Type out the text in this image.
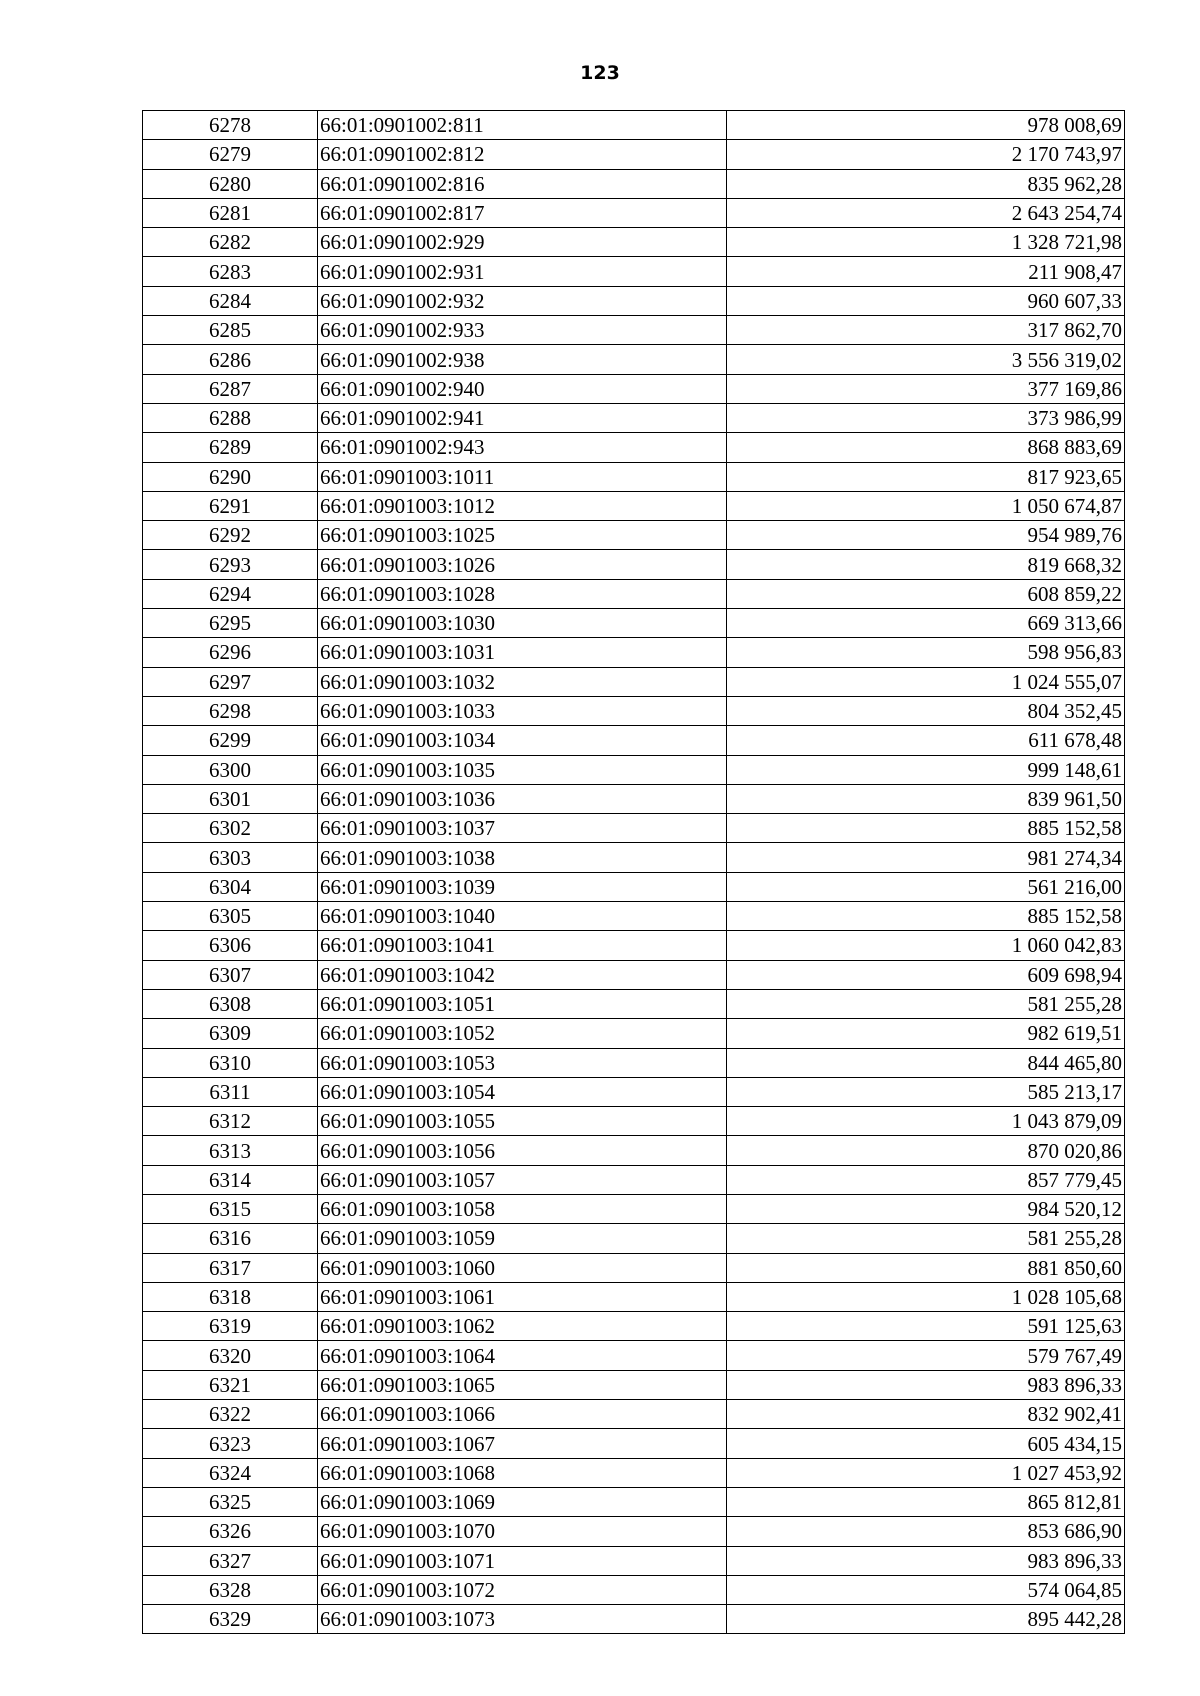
123
6278	66:01:0901002:811	978 008,69
6279	66:01:0901002:812	2 170 743,97
6280	66:01:0901002:816	835 962,28
6281	66:01:0901002:817	2 643 254,74
6282	66:01:0901002:929	1 328 721,98
6283	66:01:0901002:931	211 908,47
6284	66:01:0901002:932	960 607,33
6285	66:01:0901002:933	317 862,70
6286	66:01:0901002:938	3 556 319,02
6287	66:01:0901002:940	377 169,86
6288	66:01:0901002:941	373 986,99
6289	66:01:0901002:943	868 883,69
6290	66:01:0901003:1011	817 923,65
6291	66:01:0901003:1012	1 050 674,87
6292	66:01:0901003:1025	954 989,76
6293	66:01:0901003:1026	819 668,32
6294	66:01:0901003:1028	608 859,22
6295	66:01:0901003:1030	669 313,66
6296	66:01:0901003:1031	598 956,83
6297	66:01:0901003:1032	1 024 555,07
6298	66:01:0901003:1033	804 352,45
6299	66:01:0901003:1034	611 678,48
6300	66:01:0901003:1035	999 148,61
6301	66:01:0901003:1036	839 961,50
6302	66:01:0901003:1037	885 152,58
6303	66:01:0901003:1038	981 274,34
6304	66:01:0901003:1039	561 216,00
6305	66:01:0901003:1040	885 152,58
6306	66:01:0901003:1041	1 060 042,83
6307	66:01:0901003:1042	609 698,94
6308	66:01:0901003:1051	581 255,28
6309	66:01:0901003:1052	982 619,51
6310	66:01:0901003:1053	844 465,80
6311	66:01:0901003:1054	585 213,17
6312	66:01:0901003:1055	1 043 879,09
6313	66:01:0901003:1056	870 020,86
6314	66:01:0901003:1057	857 779,45
6315	66:01:0901003:1058	984 520,12
6316	66:01:0901003:1059	581 255,28
6317	66:01:0901003:1060	881 850,60
6318	66:01:0901003:1061	1 028 105,68
6319	66:01:0901003:1062	591 125,63
6320	66:01:0901003:1064	579 767,49
6321	66:01:0901003:1065	983 896,33
6322	66:01:0901003:1066	832 902,41
6323	66:01:0901003:1067	605 434,15
6324	66:01:0901003:1068	1 027 453,92
6325	66:01:0901003:1069	865 812,81
6326	66:01:0901003:1070	853 686,90
6327	66:01:0901003:1071	983 896,33
6328	66:01:0901003:1072	574 064,85
6329	66:01:0901003:1073	895 442,28
